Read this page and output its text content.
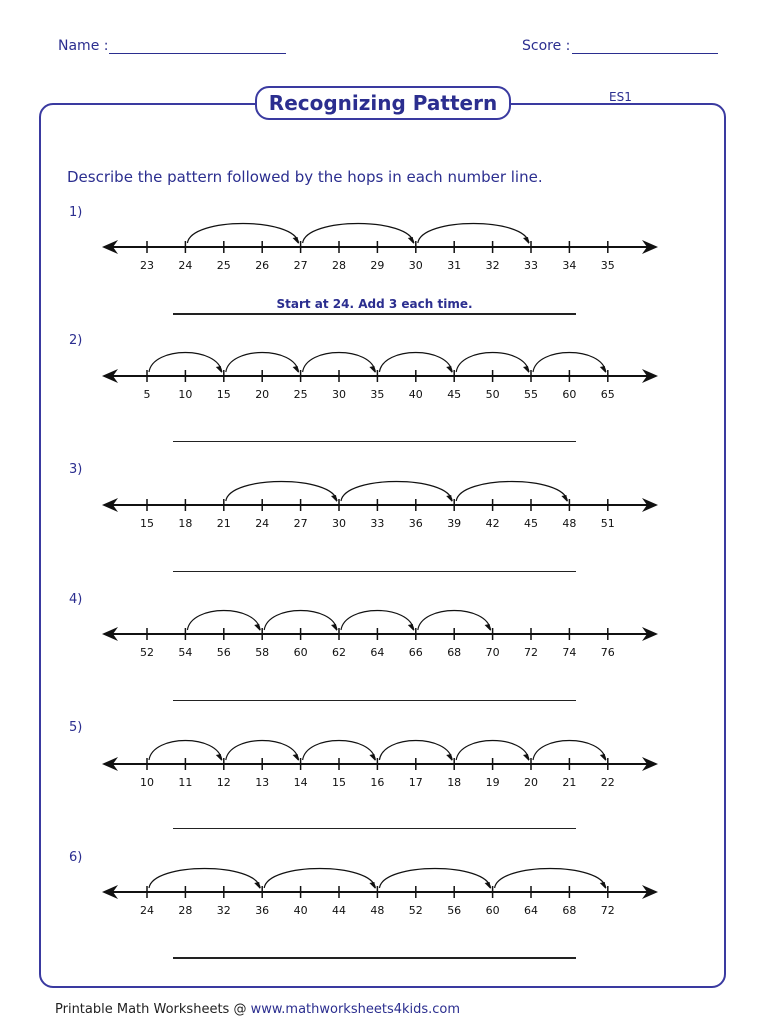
Name :	Score :
Recognizing Pattern	ES1
Describe the pattern followed by the hops in each number line.
1)
23 24 25 26 27 28 29 30 31 32 33 34 35
Start at 24. Add 3 each time.
2)
5	10 15 20 25 30 35 40 45 50 55 60 65
3)
15 18 21 24 27 30 33 36 39 42 45 48 51
4)
52 54 56 58 60 62 64 66 68 70 72 74 76
5)
10 11 12 13 14 15 16 17 18 19 20 21 22
6)
24 28 32 36 40 44 48 52 56 60 64 68 72
Printable Math Worksheets @ www.mathworksheets4kids.com
